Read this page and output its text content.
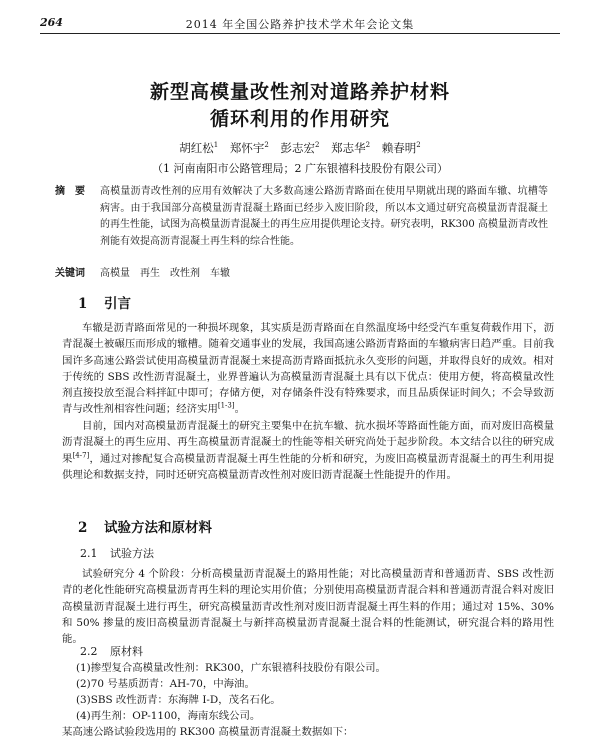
264	2014 年全国公路养护技术学术年会论文集
新型高模量改性剂对道路养护材料
循环利用的作用研究
胡红松$^1$ 郑怀宇$^2$ 彭志宏$^2$ 郑志华$^2$ 赖春明$^2$
（1 河南南阳市公路管理局；2 广东银禧科技股份有限公司）
摘　要	高模量沥青改性剂的应用有效解决了大多数高速公路沥青路面在使用早期就出现的路面车辙、坑槽等病害。由于我国部分高模量沥青混凝土路面已经步入废旧阶段，所以本文通过研究高模量沥青混凝土的再生性能，试图为高模量沥青混凝土的再生应用提供理论支持。研究表明，RK300 高模量沥青改性剂能有效提高沥青混凝土再生料的综合性能。
关键词	高模量　再生　改性剂　车辙
1 引言
车辙是沥青路面常见的一种损坏现象，其实质是沥青路面在自然温度场中经受汽车重复荷载作用下，沥青混凝土被碾压而形成的辙槽。随着交通事业的发展，我国高速公路沥青路面的车辙病害日趋严重。目前我国许多高速公路尝试使用高模量沥青混凝土来提高沥青路面抵抗永久变形的问题，并取得良好的成效。相对于传统的 SBS 改性沥青混凝土，业界普遍认为高模量沥青混凝土具有以下优点：使用方便，将高模量改性剂直接投放至混合料拌缸中即可；存储方便，对存储条件没有特殊要求，而且品质保证时间久；不会导致沥青与改性剂相容性问题；经济实用[1-3]。
目前，国内对高模量沥青混凝土的研究主要集中在抗车辙、抗水损坏等路面性能方面，而对废旧高模量沥青混凝土的再生应用、再生高模量沥青混凝土的性能等相关研究尚处于起步阶段。本文结合以往的研究成果[4-7]，通过对掺配复合高模量沥青混凝土再生性能的分析和研究，为废旧高模量沥青混凝土的再生利用提供理论和数据支持，同时还研究高模量沥青改性剂对废旧沥青混凝土性能提升的作用。
2 试验方法和原材料
2.1 试验方法
试验研究分 4 个阶段：分析高模量沥青混凝土的路用性能；对比高模量沥青和普通沥青、SBS 改性沥青的老化性能研究高模量沥青再生料的理论实用价值；分别使用高模量沥青混合料和普通沥青混合料对废旧高模量沥青混凝土进行再生，研究高模量沥青改性剂对废旧沥青混凝土再生料的作用；通过对 15%、30% 和 50% 掺量的废旧高模量沥青混凝土与新拌高模量沥青混凝土混合料的性能测试，研究混合料的路用性能。
2.2 原材料
(1)掺型复合高模量改性剂：RK300，广东银禧科技股份有限公司。
(2)70 号基质沥青：AH-70，中海油。
(3)SBS 改性沥青：东海牌 I-D，茂名石化。
(4)再生剂：OP-1100，海南东线公司。
某高速公路试验段选用的 RK300 高模量沥青混凝土数据如下：
